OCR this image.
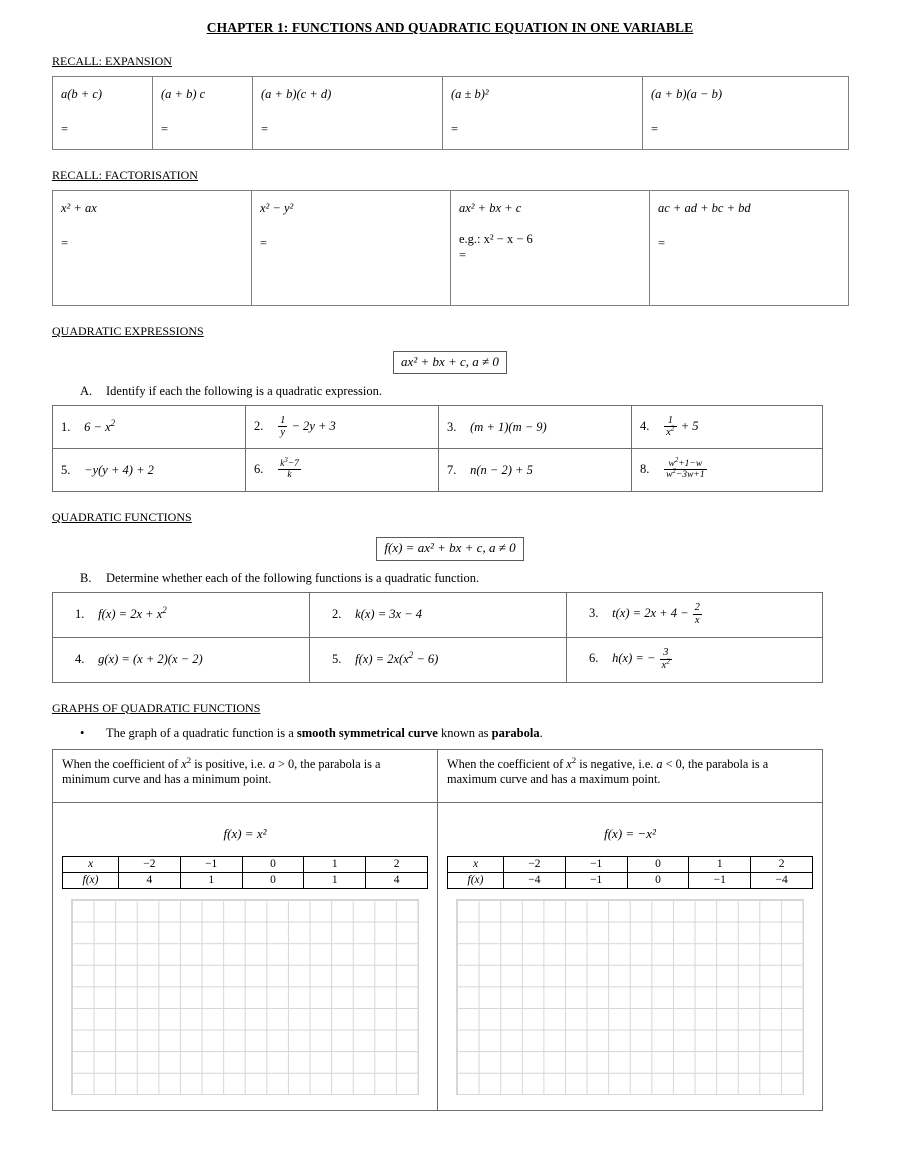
CHAPTER 1: FUNCTIONS AND QUADRATIC EQUATION IN ONE VARIABLE
RECALL: EXPANSION
a(b + c)
=
	(a + b) c
=
	(a + b)(c + d)
=
	(a ± b)²
=
	(a + b)(a − b)
=
RECALL: FACTORISATION
x² + ax
=
	x² − y²
=
	ax² + bx + c
e.g.: x² − x − 6
=
	ac + ad + bc + bd
=
QUADRATIC EXPRESSIONS
ax² + bx + c, a ≠ 0
A. Identify if each the following is a quadratic expression.
1. $6 - x^2$	2. $\frac{1}{y} - 2y + 3$	3. (m + 1)(m − 9)	4. $\frac{1}{x^2} + 5$
5. −y(y + 4) + 2	6. $\frac{k^3-7}{k}$	7. n(n − 2) + 5	8. $\frac{w^2+1-w}{w^2-3w+1}$
QUADRATIC FUNCTIONS
f(x) = ax² + bx + c, a ≠ 0
B. Determine whether each of the following functions is a quadratic function.
1. $f(x) = 2x + x^2$	2. k(x) = 3x − 4	3. $t(x) = 2x + 4 - \frac{2}{x}$

4. g(x) = (x + 2)(x − 2)	5. $f(x) = 2x(x^2 - 6)$	6. h(x) = − $\frac{3}{x^2}$
GRAPHS OF QUADRATIC FUNCTIONS
• The graph of a quadratic function is a smooth symmetrical curve known as parabola.
When the coefficient of $x^2$ is positive, i.e. a > 0, the parabola is a minimum curve and has a minimum point.	When the coefficient of $x^2$ is negative, i.e. a < 0, the parabola is a maximum curve and has a maximum point.

f(x) = x²
x	−2	−1	0	1	2
f(x)	4	1	0	1	4

f(x) = −x²
x	−2	−1	0	1	2
f(x)	−4	−1	0	−1	−4
